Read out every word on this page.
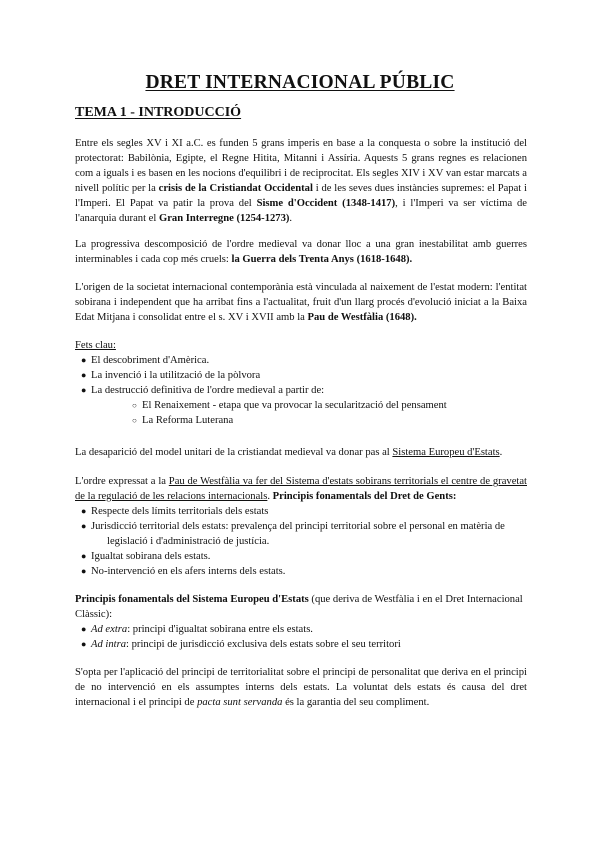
DRET INTERNACIONAL PÚBLIC
TEMA 1 - INTRODUCCIÓ
Entre els segles XV i XI a.C. es funden 5 grans imperis en base a la conquesta o sobre la institució del protectorat: Babilònia, Egipte, el Regne Hitita, Mitanni i Assíria. Aquests 5 grans regnes es relacionen com a iguals i es basen en les nocions d'equilibri i de reciprocitat. Els segles XIV i XV van estar marcats a nivell polític per la crisis de la Cristiandat Occidental i de les seves dues instàncies supremes: el Papat i l'Imperi. El Papat va patir la prova del Sisme d'Occident (1348-1417), i l'Imperi va ser víctima de l'anarquia durant el Gran Interregne (1254-1273).
La progressiva descomposició de l'ordre medieval va donar lloc a una gran inestabilitat amb guerres interminables i cada cop més cruels: la Guerra dels Trenta Anys (1618-1648).
L'origen de la societat internacional contemporània està vinculada al naixement de l'estat modern: l'entitat sobirana i independent que ha arribat fins a l'actualitat, fruit d'un llarg procés d'evolució iniciat a la Baixa Edat Mitjana i consolidat entre el s. XV i XVII amb la Pau de Westfàlia (1648).
Fets clau:
● El descobriment d'Amèrica.
● La invenció i la utilització de la pòlvora
● La destrucció definitiva de l'ordre medieval a partir de:
○ El Renaixement - etapa que va provocar la secularització del pensament
○ La Reforma Luterana
La desaparició del model unitari de la cristiandat medieval va donar pas al Sistema Europeu d'Estats.
L'ordre expressat a la Pau de Westfàlia va fer del Sistema d'estats sobirans territorials el centre de gravetat de la regulació de les relacions internacionals. Principis fonamentals del Dret de Gents:
● Respecte dels límits territorials dels estats
● Jurisdicció territorial dels estats: prevalença del principi territorial sobre el personal en matèria de legislació i d'administració de justícia.
● Igualtat sobirana dels estats.
● No-intervenció en els afers interns dels estats.
Principis fonamentals del Sistema Europeu d'Estats (que deriva de Westfàlia i en el Dret Internacional Clàssic):
● Ad extra: principi d'igualtat sobirana entre els estats.
● Ad intra: principi de jurisdicció exclusiva dels estats sobre el seu territori
S'opta per l'aplicació del principi de territorialitat sobre el principi de personalitat que deriva en el principi de no intervenció en els assumptes interns dels estats. La voluntat dels estats és causa del dret internacional i el principi de pacta sunt servanda és la garantia del seu compliment.
